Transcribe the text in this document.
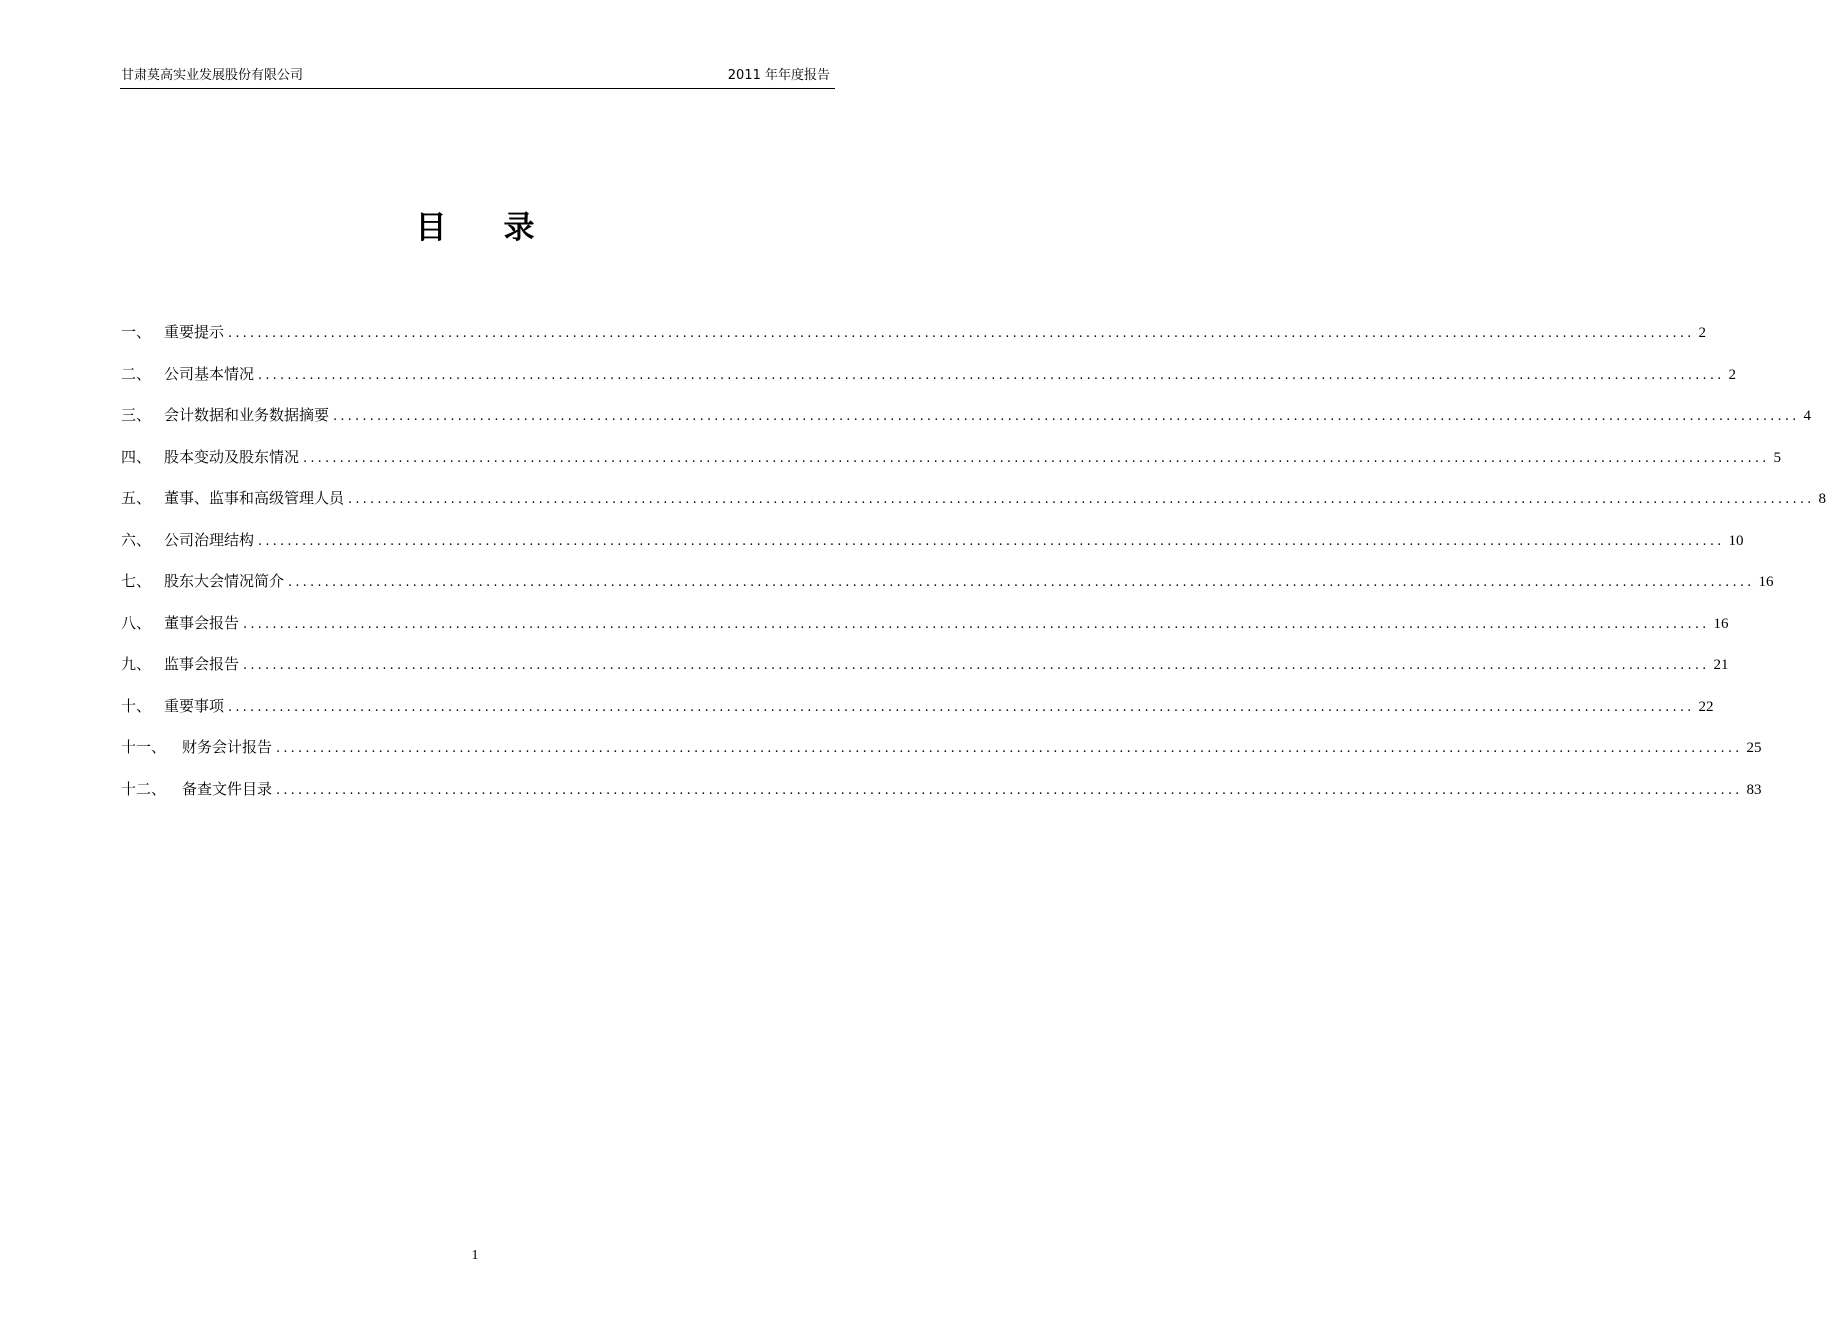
甘肃莫高实业发展股份有限公司	2011 年年度报告
目录
一、 重要提示 ........................................................................................................................................................................................................ 2
二、 公司基本情况 ........................................................................................................................................................................................................ 2
三、 会计数据和业务数据摘要 ........................................................................................................................................................................................................ 4
四、 股本变动及股东情况 ........................................................................................................................................................................................................ 5
五、 董事、监事和高级管理人员 ........................................................................................................................................................................................................ 8
六、 公司治理结构 ........................................................................................................................................................................................................ 10
七、 股东大会情况简介 ........................................................................................................................................................................................................ 16
八、 董事会报告 ........................................................................................................................................................................................................ 16
九、 监事会报告 ........................................................................................................................................................................................................ 21
十、 重要事项 ........................................................................................................................................................................................................ 22
十一、	财务会计报告 ........................................................................................................................................................................................................ 25
十二、	备查文件目录 ........................................................................................................................................................................................................ 83
1
